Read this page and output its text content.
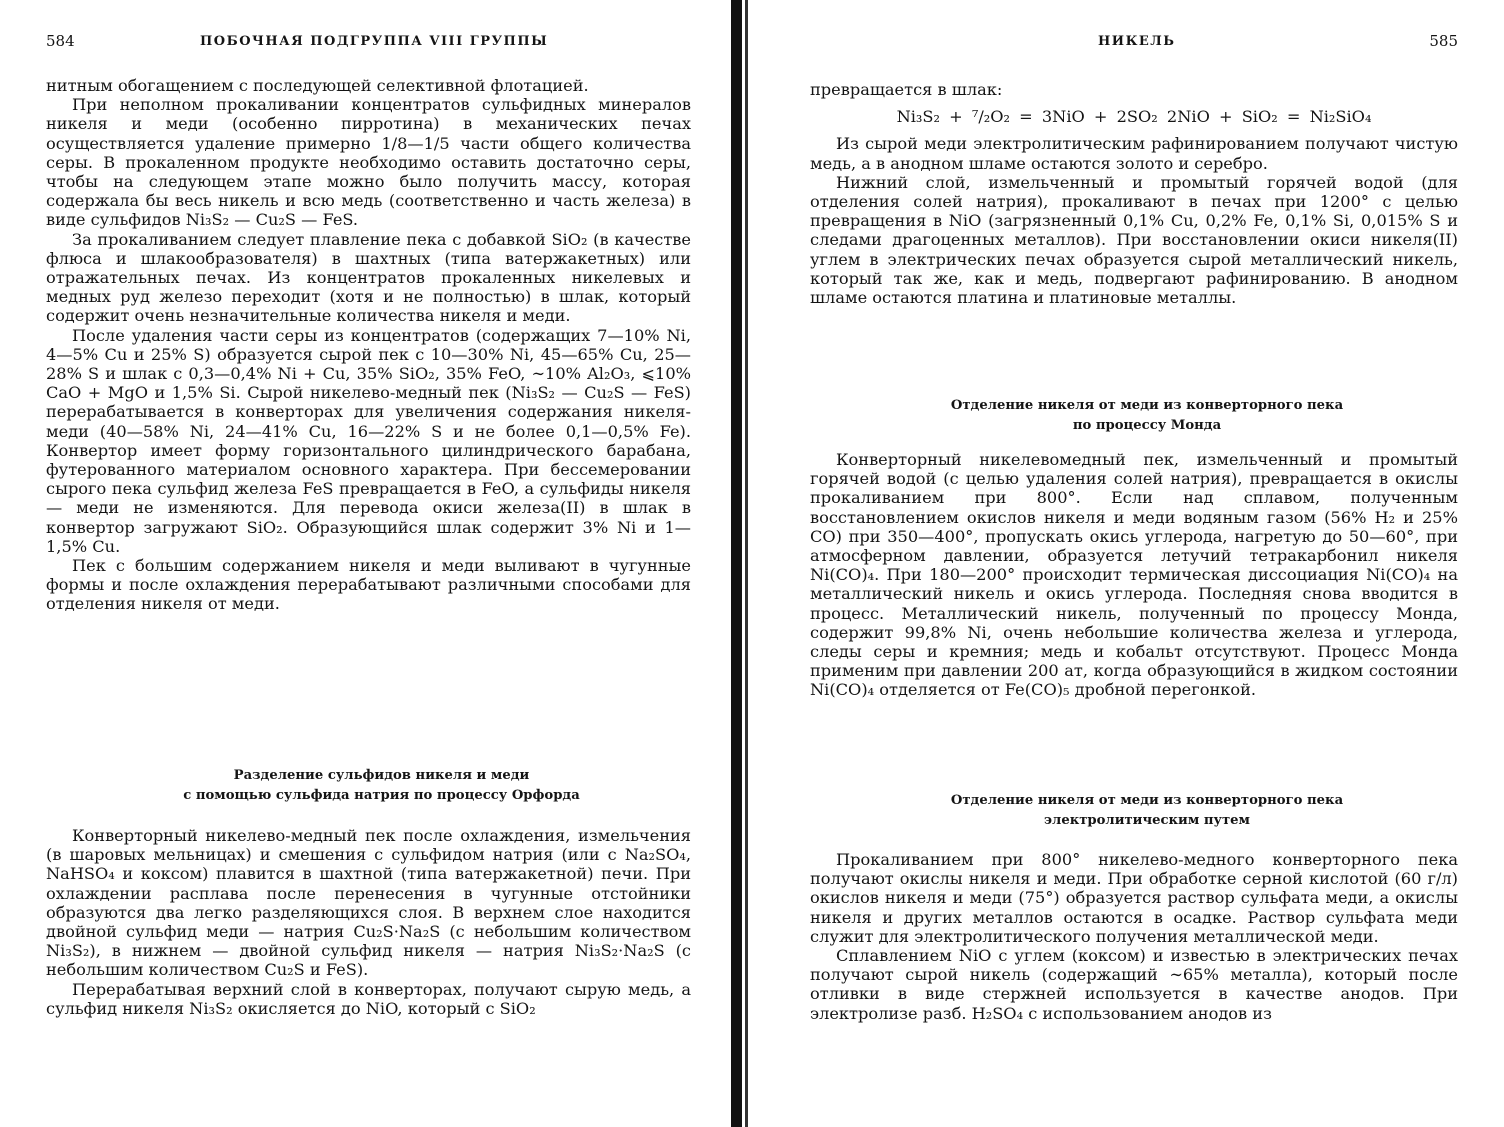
584	ПОБОЧНАЯ ПОДГРУППА VIII ГРУППЫ

нитным обогащением с последующей селективной флотацией.

При неполном прокаливании концентратов сульфидных минералов никеля и меди (особенно пирротина) в механических печах осуществляется удаление примерно 1/8—1/5 части общего количества серы. В прокаленном продукте необходимо оставить достаточно серы, чтобы на следующем этапе можно было получить массу, которая содержала бы весь никель и всю медь (соответственно и часть железа) в виде сульфидов Ni₃S₂ — Cu₂S — FeS.

За прокаливанием следует плавление пека с добавкой SiO₂ (в качестве флюса и шлакообразователя) в шахтных (типа ватержакетных) или отражательных печах. Из концентратов прокаленных никелевых и медных руд железо переходит (хотя и не полностью) в шлак, который содержит очень незначительные количества никеля и меди.

После удаления части серы из концентратов (содержащих 7—10% Ni, 4—5% Cu и 25% S) образуется сырой пек с 10—30% Ni, 45—65% Cu, 25—28% S и шлак с 0,3—0,4% Ni + Cu, 35% SiO₂, 35% FeO, ∼10% Al₂O₃, ⩽10% CaO + MgO и 1,5% Si. Сырой никелево-медный пек (Ni₃S₂ — Cu₂S — FeS) перерабатывается в конверторах для увеличения содержания никеля-меди (40—58% Ni, 24—41% Cu, 16—22% S и не более 0,1—0,5% Fe). Конвертор имеет форму горизонтального цилиндрического барабана, футерованного материалом основного характера. При бессемеровании сырого пека сульфид железа FeS превращается в FeO, а сульфиды никеля — меди не изменяются. Для перевода окиси железа(II) в шлак в конвертор загружают SiO₂. Образующийся шлак содержит 3% Ni и 1—1,5% Cu.

Пек с большим содержанием никеля и меди выливают в чугунные формы и после охлаждения перерабатывают различными способами для отделения никеля от меди.

Разделение сульфидов никеля и меди

с помощью сульфида натрия по процессу Орфорда

Конверторный никелево-медный пек после охлаждения, измельчения (в шаровых мельницах) и смешения с сульфидом натрия (или с Na₂SO₄, NaHSO₄ и коксом) плавится в шахтной (типа ватержакетной) печи. При охлаждении расплава после перенесения в чугунные отстойники образуются два легко разделяющихся слоя. В верхнем слое находится двойной сульфид меди — натрия Cu₂S·Na₂S (с небольшим количеством Ni₃S₂), в нижнем — двойной сульфид никеля — натрия Ni₃S₂·Na₂S (с небольшим количеством Cu₂S и FeS).

Перерабатывая верхний слой в конверторах, получают сырую медь, а сульфид никеля Ni₃S₂ окисляется до NiO, который с SiO₂

НИКЕЛЬ	585

превращается в шлак:

Ni₃S₂ + ⁷/₂O₂ = 3NiO + 2SO₂ 2NiO + SiO₂ = Ni₂SiO₄

Из сырой меди электролитическим рафинированием получают чистую медь, а в анодном шламе остаются золото и серебро.

Нижний слой, измельченный и промытый горячей водой (для отделения солей натрия), прокаливают в печах при 1200° с целью превращения в NiO (загрязненный 0,1% Cu, 0,2% Fe, 0,1% Si, 0,015% S и следами драгоценных металлов). При восстановлении окиси никеля(II) углем в электрических печах образуется сырой металлический никель, который так же, как и медь, подвергают рафинированию. В анодном шламе остаются платина и платиновые металлы.

Отделение никеля от меди из конверторного пека

по процессу Монда

Конверторный никелевомедный пек, измельченный и промытый горячей водой (с целью удаления солей натрия), превращается в окислы прокаливанием при 800°. Если над сплавом, полученным восстановлением окислов никеля и меди водяным газом (56% H₂ и 25% CO) при 350—400°, пропускать окись углерода, нагретую до 50—60°, при атмосферном давлении, образуется летучий тетракарбонил никеля Ni(CO)₄. При 180—200° происходит термическая диссоциация Ni(CO)₄ на металлический никель и окись углерода. Последняя снова вводится в процесс. Металлический никель, полученный по процессу Монда, содержит 99,8% Ni, очень небольшие количества железа и углерода, следы серы и кремния; медь и кобальт отсутствуют. Процесс Монда применим при давлении 200 ат, когда образующийся в жидком состоянии Ni(CO)₄ отделяется от Fe(CO)₅ дробной перегонкой.

Отделение никеля от меди из конверторного пека

электролитическим путем

Прокаливанием при 800° никелево-медного конверторного пека получают окислы никеля и меди. При обработке серной кислотой (60 г/л) окислов никеля и меди (75°) образуется раствор сульфата меди, а окислы никеля и других металлов остаются в осадке. Раствор сульфата меди служит для электролитического получения металлической меди.

Сплавлением NiO с углем (коксом) и известью в электрических печах получают сырой никель (содержащий ∼65% металла), который после отливки в виде стержней используется в качестве анодов. При электролизе разб. H₂SO₄ с использованием анодов из
